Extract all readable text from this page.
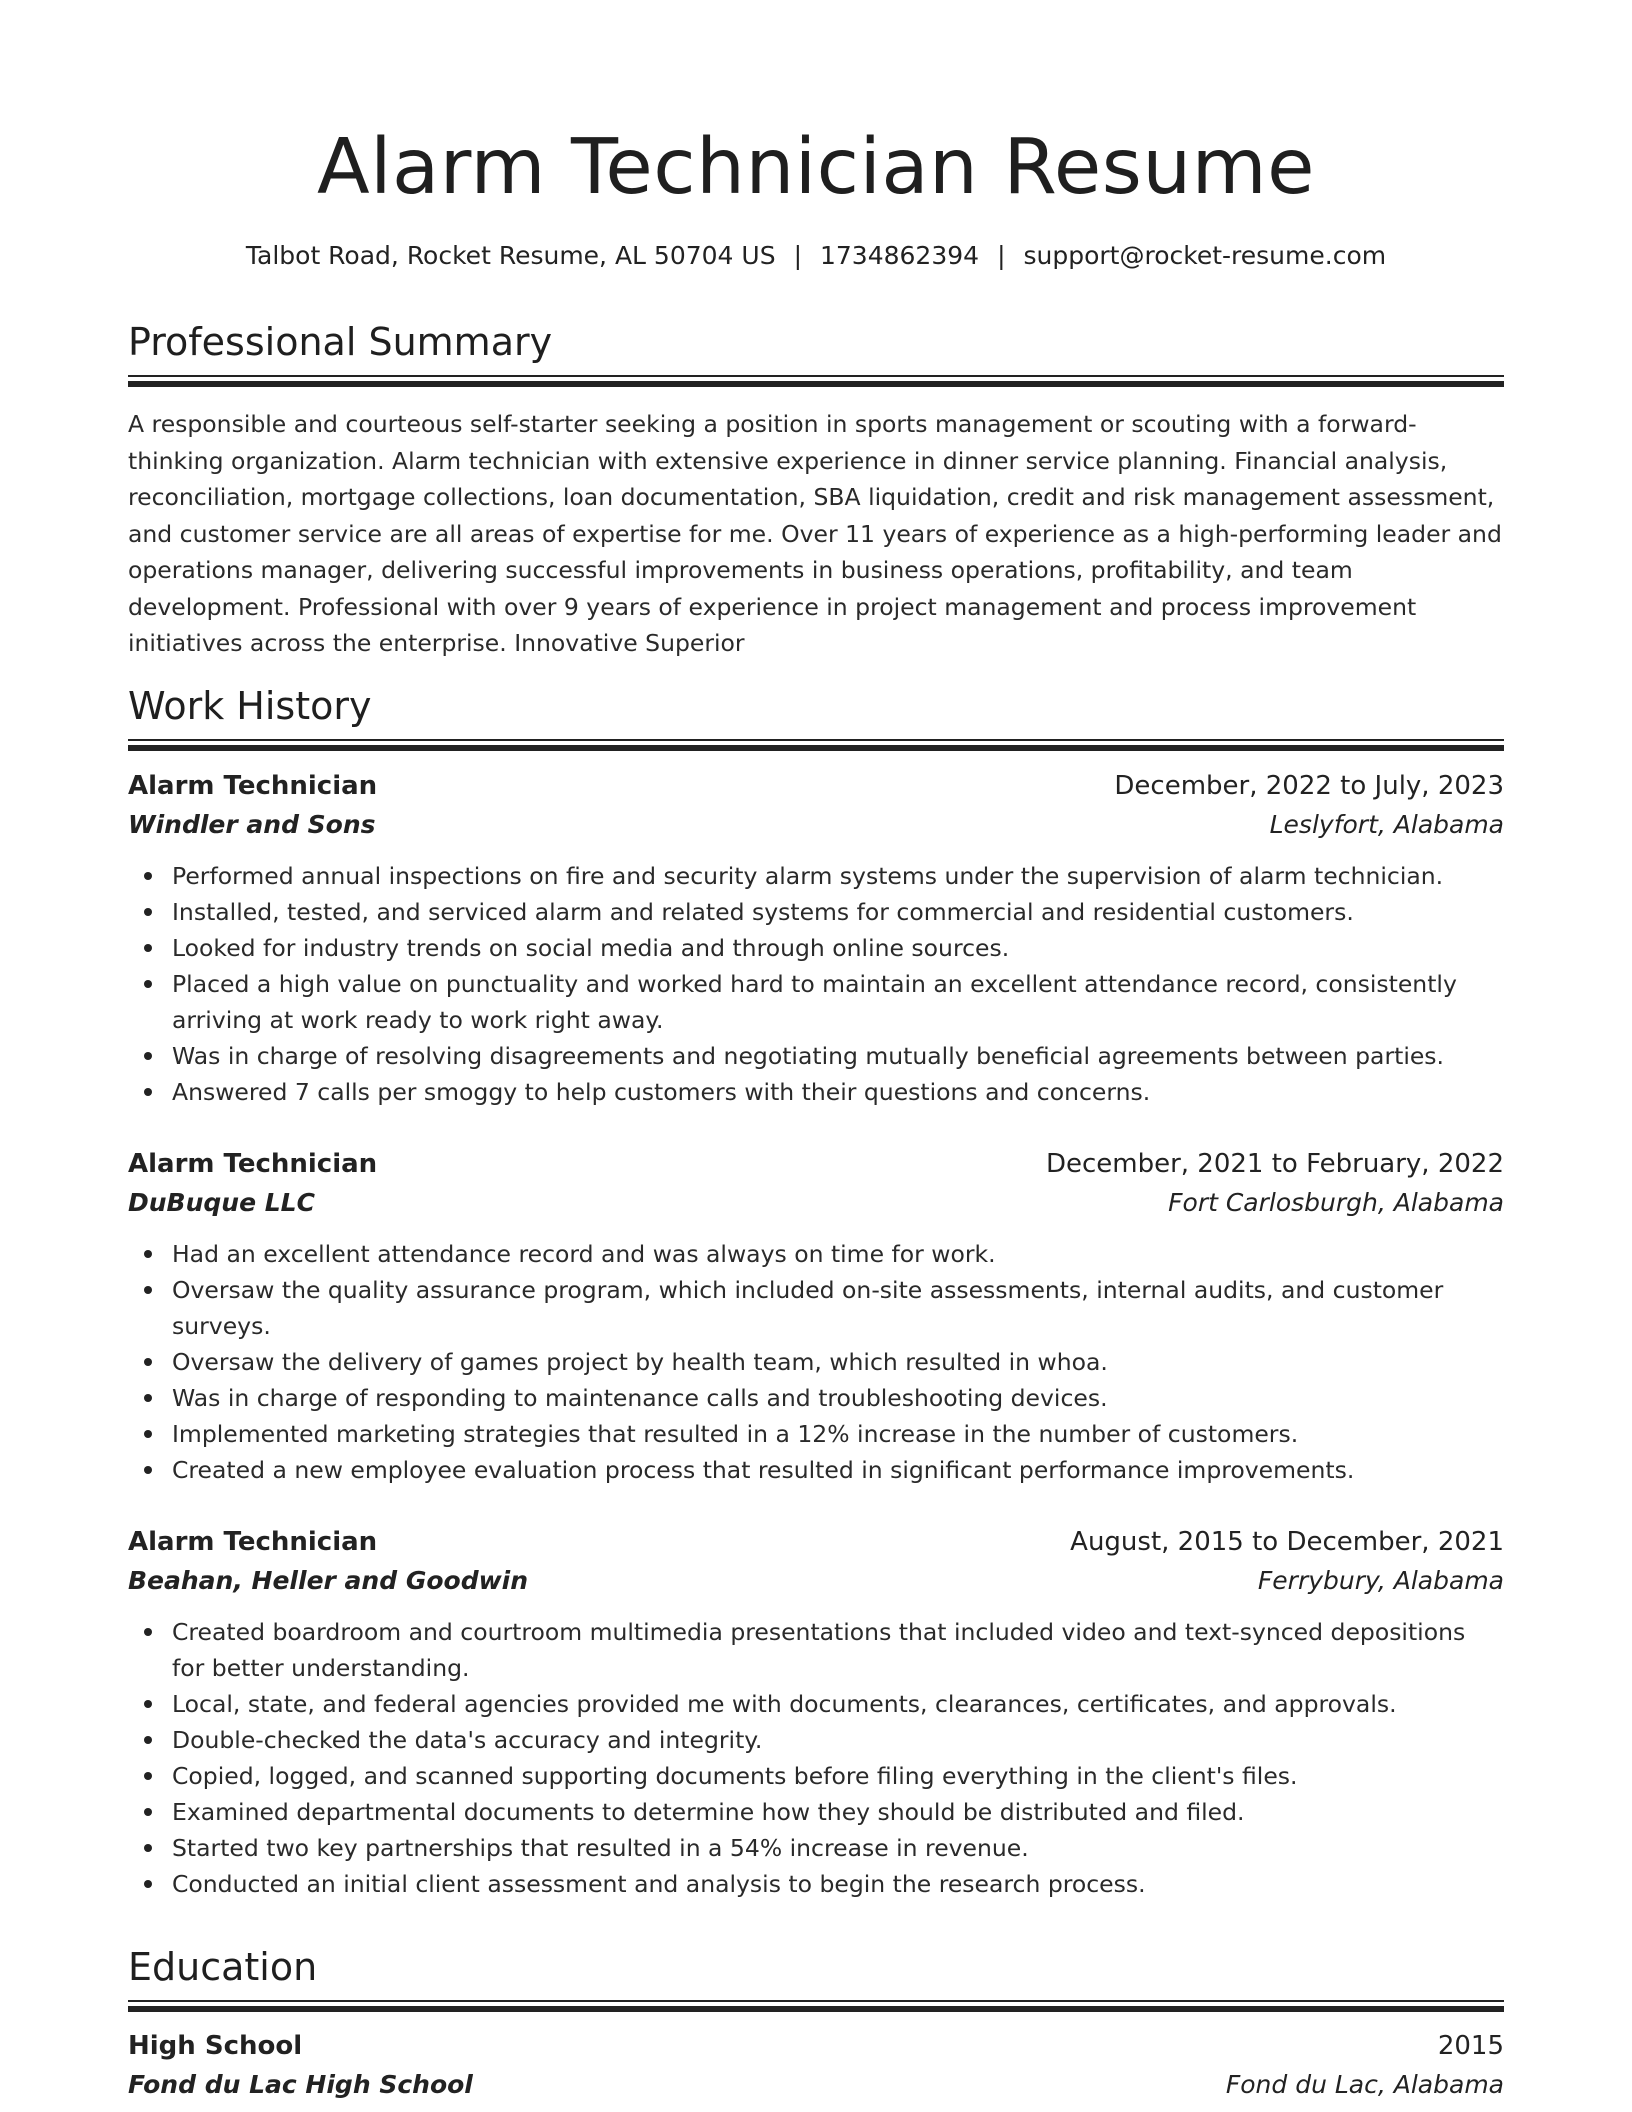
Alarm Technician Resume
Talbot Road, Rocket Resume, AL 50704 US | 1734862394 | support@rocket-resume.com
Professional Summary

A responsible and courteous self-starter seeking a position in sports management or scouting with a forward-thinking organization. Alarm technician with extensive experience in dinner service planning. Financial analysis, reconciliation, mortgage collections, loan documentation, SBA liquidation, credit and risk management assessment, and customer service are all areas of expertise for me. Over 11 years of experience as a high-performing leader and operations manager, delivering successful improvements in business operations, profitability, and team development. Professional with over 9 years of experience in project management and process improvement initiatives across the enterprise. Innovative Superior

Work History
Alarm Technician	December, 2022 to July, 2023
Windler and Sons	Leslyfort, Alabama
Performed annual inspections on fire and security alarm systems under the supervision of alarm technician.
Installed, tested, and serviced alarm and related systems for commercial and residential customers.
Looked for industry trends on social media and through online sources.
Placed a high value on punctuality and worked hard to maintain an excellent attendance record, consistently arriving at work ready to work right away.
Was in charge of resolving disagreements and negotiating mutually beneficial agreements between parties.
Answered 7 calls per smoggy to help customers with their questions and concerns.
Alarm Technician	December, 2021 to February, 2022
DuBuque LLC	Fort Carlosburgh, Alabama
Had an excellent attendance record and was always on time for work.
Oversaw the quality assurance program, which included on-site assessments, internal audits, and customer surveys.
Oversaw the delivery of games project by health team, which resulted in whoa.
Was in charge of responding to maintenance calls and troubleshooting devices.
Implemented marketing strategies that resulted in a 12% increase in the number of customers.
Created a new employee evaluation process that resulted in significant performance improvements.
Alarm Technician	August, 2015 to December, 2021
Beahan, Heller and Goodwin	Ferrybury, Alabama
Created boardroom and courtroom multimedia presentations that included video and text-synced depositions for better understanding.
Local, state, and federal agencies provided me with documents, clearances, certificates, and approvals.
Double-checked the data's accuracy and integrity.
Copied, logged, and scanned supporting documents before filing everything in the client's files.
Examined departmental documents to determine how they should be distributed and filed.
Started two key partnerships that resulted in a 54% increase in revenue.
Conducted an initial client assessment and analysis to begin the research process.
Education
High School	2015
Fond du Lac High School	Fond du Lac, Alabama
